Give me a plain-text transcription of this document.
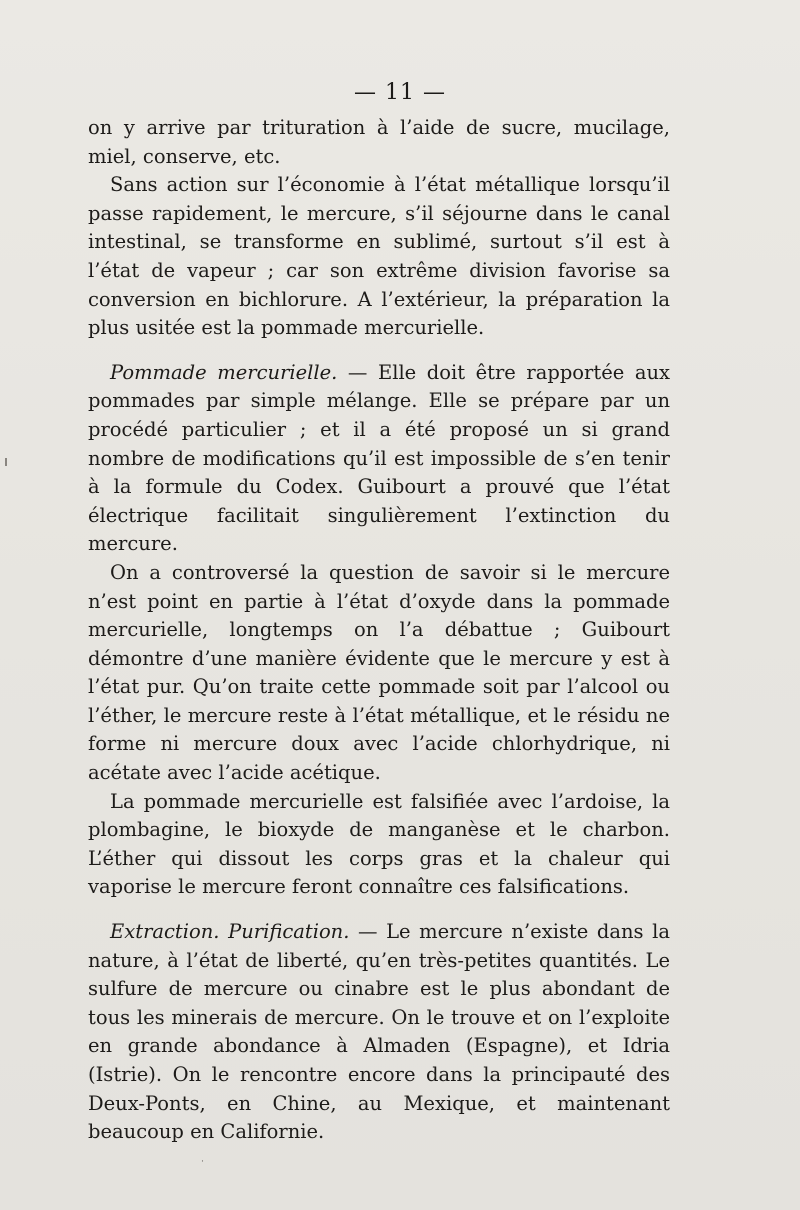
— 11 —

on y arrive par trituration à l’aide de sucre, mucilage, miel, conserve, etc.

Sans action sur l’économie à l’état métallique lorsqu’il passe rapidement, le mercure, s’il séjourne dans le canal intestinal, se transforme en sublimé, surtout s’il est à l’état de vapeur ; car son extrême division favorise sa conversion en bichlorure. A l’extérieur, la préparation la plus usitée est la pommade mercurielle.

Pommade mercurielle. — Elle doit être rapportée aux pommades par simple mélange. Elle se prépare par un procédé particulier ; et il a été proposé un si grand nombre de modifications qu’il est impossible de s’en tenir à la formule du Codex. Guibourt a prouvé que l’état électrique facilitait singulièrement l’extinction du mercure.

On a controversé la question de savoir si le mercure n’est point en partie à l’état d’oxyde dans la pommade mercurielle, longtemps on l’a débattue ; Guibourt démontre d’une manière évidente que le mercure y est à l’état pur. Qu’on traite cette pommade soit par l’alcool ou l’éther, le mercure reste à l’état métallique, et le résidu ne forme ni mercure doux avec l’acide chlorhydrique, ni acétate avec l’acide acétique.

La pommade mercurielle est falsifiée avec l’ardoise, la plombagine, le bioxyde de manganèse et le charbon. L’éther qui dissout les corps gras et la chaleur qui vaporise le mercure feront connaître ces falsifications.

Extraction. Purification. — Le mercure n’existe dans la nature, à l’état de liberté, qu’en très-petites quantités. Le sulfure de mercure ou cinabre est le plus abondant de tous les minerais de mercure. On le trouve et on l’exploite en grande abondance à Almaden (Espagne), et Idria (Istrie). On le rencontre encore dans la principauté des Deux-Ponts, en Chine, au Mexique, et maintenant beaucoup en Californie.

˙
